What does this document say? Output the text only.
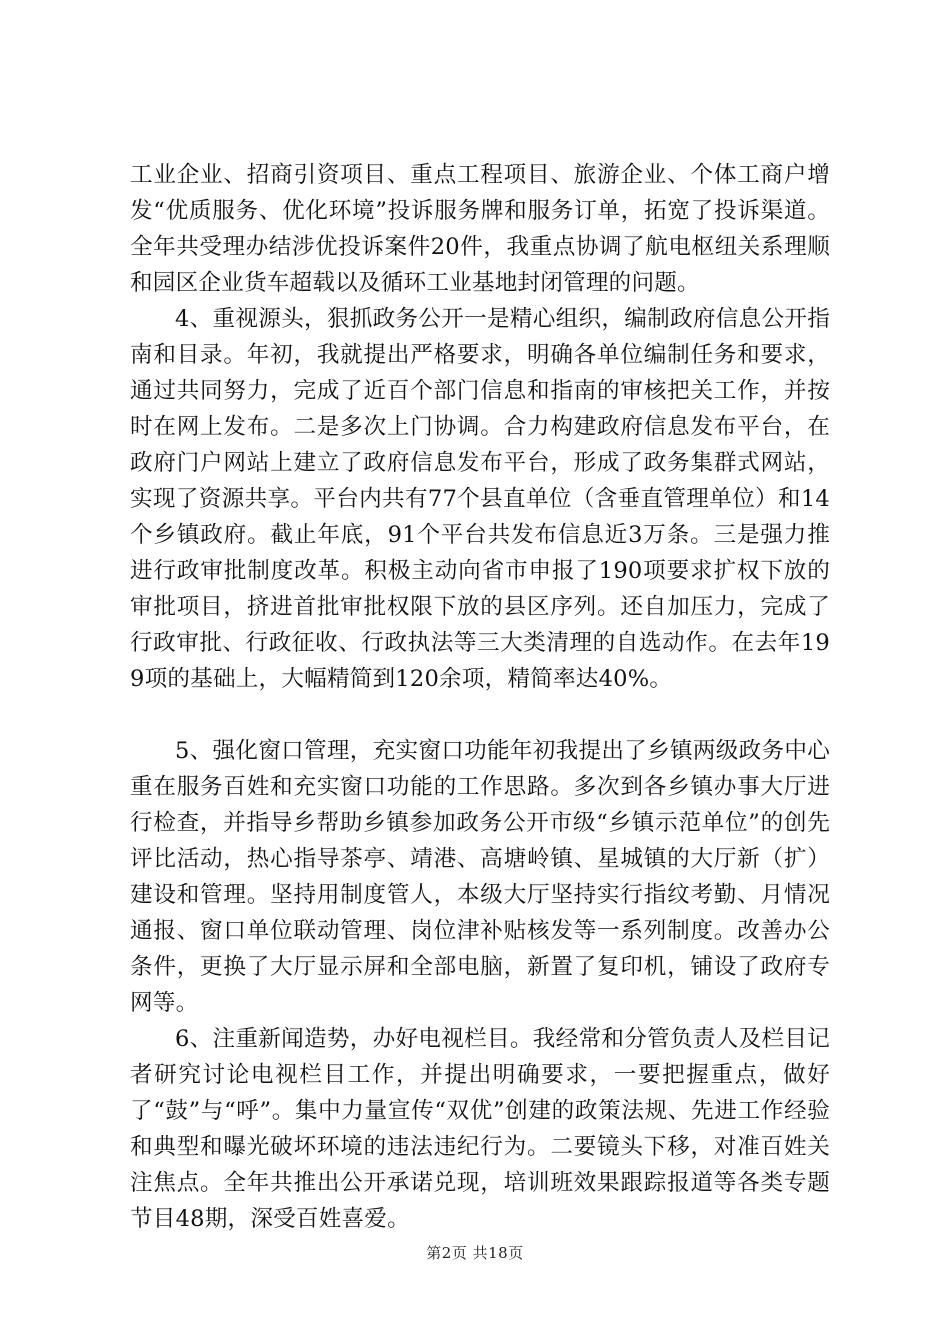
工业企业、招商引资项目、重点工程项目、旅游企业、个体工商户增发“优质服务、优化环境”投诉服务牌和服务订单，拓宽了投诉渠道。全年共受理办结涉优投诉案件20件，我重点协调了航电枢纽关系理顺和园区企业货车超载以及循环工业基地封闭管理的问题。

4、重视源头，狠抓政务公开一是精心组织，编制政府信息公开指南和目录。年初，我就提出严格要求，明确各单位编制任务和要求，通过共同努力，完成了近百个部门信息和指南的审核把关工作，并按时在网上发布。二是多次上门协调。合力构建政府信息发布平台，在政府门户网站上建立了政府信息发布平台，形成了政务集群式网站，实现了资源共享。平台内共有77个县直单位（含垂直管理单位）和14个乡镇政府。截止年底，91个平台共发布信息近3万条。三是强力推进行政审批制度改革。积极主动向省市申报了190项要求扩权下放的审批项目，挤进首批审批权限下放的县区序列。还自加压力，完成了行政审批、行政征收、行政执法等三大类清理的自选动作。在去年199项的基础上，大幅精简到120余项，精简率达40%。

5、强化窗口管理，充实窗口功能年初我提出了乡镇两级政务中心重在服务百姓和充实窗口功能的工作思路。多次到各乡镇办事大厅进行检查，并指导乡帮助乡镇参加政务公开市级“乡镇示范单位”的创先评比活动，热心指导茶亭、靖港、高塘岭镇、星城镇的大厅新（扩）建设和管理。坚持用制度管人，本级大厅坚持实行指纹考勤、月情况通报、窗口单位联动管理、岗位津补贴核发等一系列制度。改善办公条件，更换了大厅显示屏和全部电脑，新置了复印机，铺设了政府专网等。

6、注重新闻造势，办好电视栏目。我经常和分管负责人及栏目记者研究讨论电视栏目工作，并提出明确要求，一要把握重点，做好了“鼓”与“呼”。集中力量宣传“双优”创建的政策法规、先进工作经验和典型和曝光破坏环境的违法违纪行为。二要镜头下移，对准百姓关注焦点。全年共推出公开承诺兑现，培训班效果跟踪报道等各类专题节目48期，深受百姓喜爱。

第2页 共18页
